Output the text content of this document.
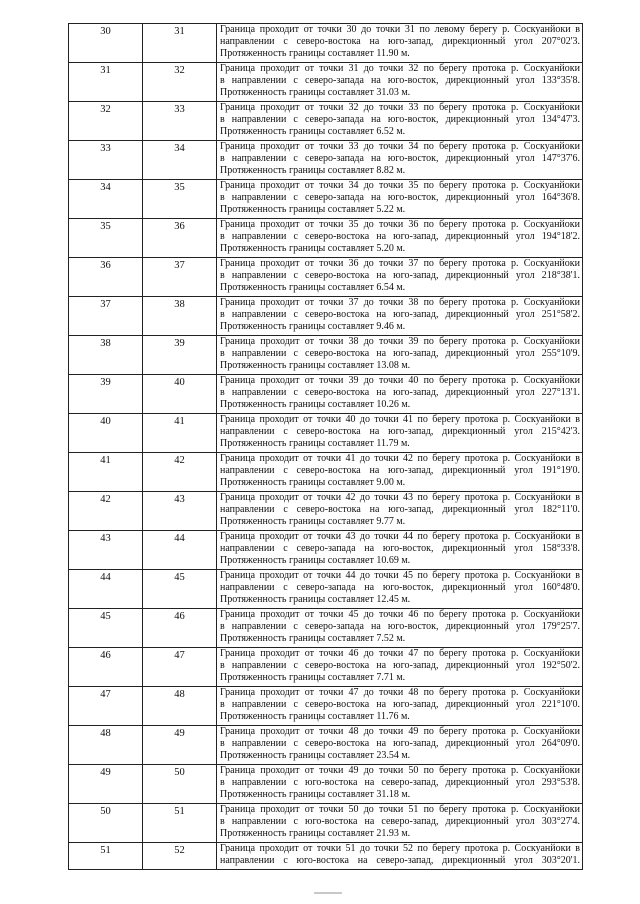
30	31	Граница проходит от точки 30 до точки 31 по левому берегу р. Соскуанйоки в
направлении с северо-востока на юго-запад, дирекционный угол 207°02'3.
Протяженность границы составляет 11.90 м.

31	32	Граница проходит от точки 31 до точки 32 по берегу протока р. Соскуанйоки
в направлении с северо-запада на юго-восток, дирекционный угол 133°35'8.
Протяженность границы составляет 31.03 м.

32	33	Граница проходит от точки 32 до точки 33 по берегу протока р. Соскуанйоки
в направлении с северо-запада на юго-восток, дирекционный угол 134°47'3.
Протяженность границы составляет 6.52 м.

33	34	Граница проходит от точки 33 до точки 34 по берегу протока р. Соскуанйоки
в направлении с северо-запада на юго-восток, дирекционный угол 147°37'6.
Протяженность границы составляет 8.82 м.

34	35	Граница проходит от точки 34 до точки 35 по берегу протока р. Соскуанйоки
в направлении с северо-запада на юго-восток, дирекционный угол 164°36'8.
Протяженность границы составляет 5.22 м.

35	36	Граница проходит от точки 35 до точки 36 по берегу протока р. Соскуанйоки
в направлении с северо-востока на юго-запад, дирекционный угол 194°18'2.
Протяженность границы составляет 5.20 м.

36	37	Граница проходит от точки 36 до точки 37 по берегу протока р. Соскуанйоки
в направлении с северо-востока на юго-запад, дирекционный угол 218°38'1.
Протяженность границы составляет 6.54 м.

37	38	Граница проходит от точки 37 до точки 38 по берегу протока р. Соскуанйоки
в направлении с северо-востока на юго-запад, дирекционный угол 251°58'2.
Протяженность границы составляет 9.46 м.

38	39	Граница проходит от точки 38 до точки 39 по берегу протока р. Соскуанйоки
в направлении с северо-востока на юго-запад, дирекционный угол 255°10'9.
Протяженность границы составляет 13.08 м.

39	40	Граница проходит от точки 39 до точки 40 по берегу протока р. Соскуанйоки
в направлении с северо-востока на юго-запад, дирекционный угол 227°13'1.
Протяженность границы составляет 10.26 м.

40	41	Граница проходит от точки 40 до точки 41 по берегу протока р. Соскуанйоки в
направлении с северо-востока на юго-запад, дирекционный угол 215°42'3.
Протяженность границы составляет 11.79 м.

41	42	Граница проходит от точки 41 до точки 42 по берегу протока р. Соскуанйоки в
направлении с северо-востока на юго-запад, дирекционный угол 191°19'0.
Протяженность границы составляет 9.00 м.

42	43	Граница проходит от точки 42 до точки 43 по берегу протока р. Соскуанйоки в
направлении с северо-востока на юго-запад, дирекционный угол 182°11'0.
Протяженность границы составляет 9.77 м.

43	44	Граница проходит от точки 43 до точки 44 по берегу протока р. Соскуанйоки в
направлении с северо-запада на юго-восток, дирекционный угол 158°33'8.
Протяженность границы составляет 10.69 м.

44	45	Граница проходит от точки 44 до точки 45 по берегу протока р. Соскуанйоки в
направлении с северо-запада на юго-восток, дирекционный угол 160°48'0.
Протяженность границы составляет 12.45 м.

45	46	Граница проходит от точки 45 до точки 46 по берегу протока р. Соскуанйоки
в направлении с северо-запада на юго-восток, дирекционный угол 179°25'7.
Протяженность границы составляет 7.52 м.

46	47	Граница проходит от точки 46 до точки 47 по берегу протока р. Соскуанйоки
в направлении с северо-востока на юго-запад, дирекционный угол 192°50'2.
Протяженность границы составляет 7.71 м.

47	48	Граница проходит от точки 47 до точки 48 по берегу протока р. Соскуанйоки
в направлении с северо-востока на юго-запад, дирекционный угол 221°10'0.
Протяженность границы составляет 11.76 м.

48	49	Граница проходит от точки 48 до точки 49 по берегу протока р. Соскуанйоки
в направлении с северо-востока на юго-запад, дирекционный угол 264°09'0.
Протяженность границы составляет 23.54 м.

49	50	Граница проходит от точки 49 до точки 50 по берегу протока р. Соскуанйоки
в направлении с юго-востока на северо-запад, дирекционный угол 293°53'8.
Протяженность границы составляет 31.18 м.

50	51	Граница проходит от точки 50 до точки 51 по берегу протока р. Соскуанйоки
в направлении с юго-востока на северо-запад, дирекционный угол 303°27'4.
Протяженность границы составляет 21.93 м.

51	52	Граница проходит от точки 51 до точки 52 по берегу протока р. Соскуанйоки в
направлении с юго-востока на северо-запад, дирекционный угол 303°20'1.
